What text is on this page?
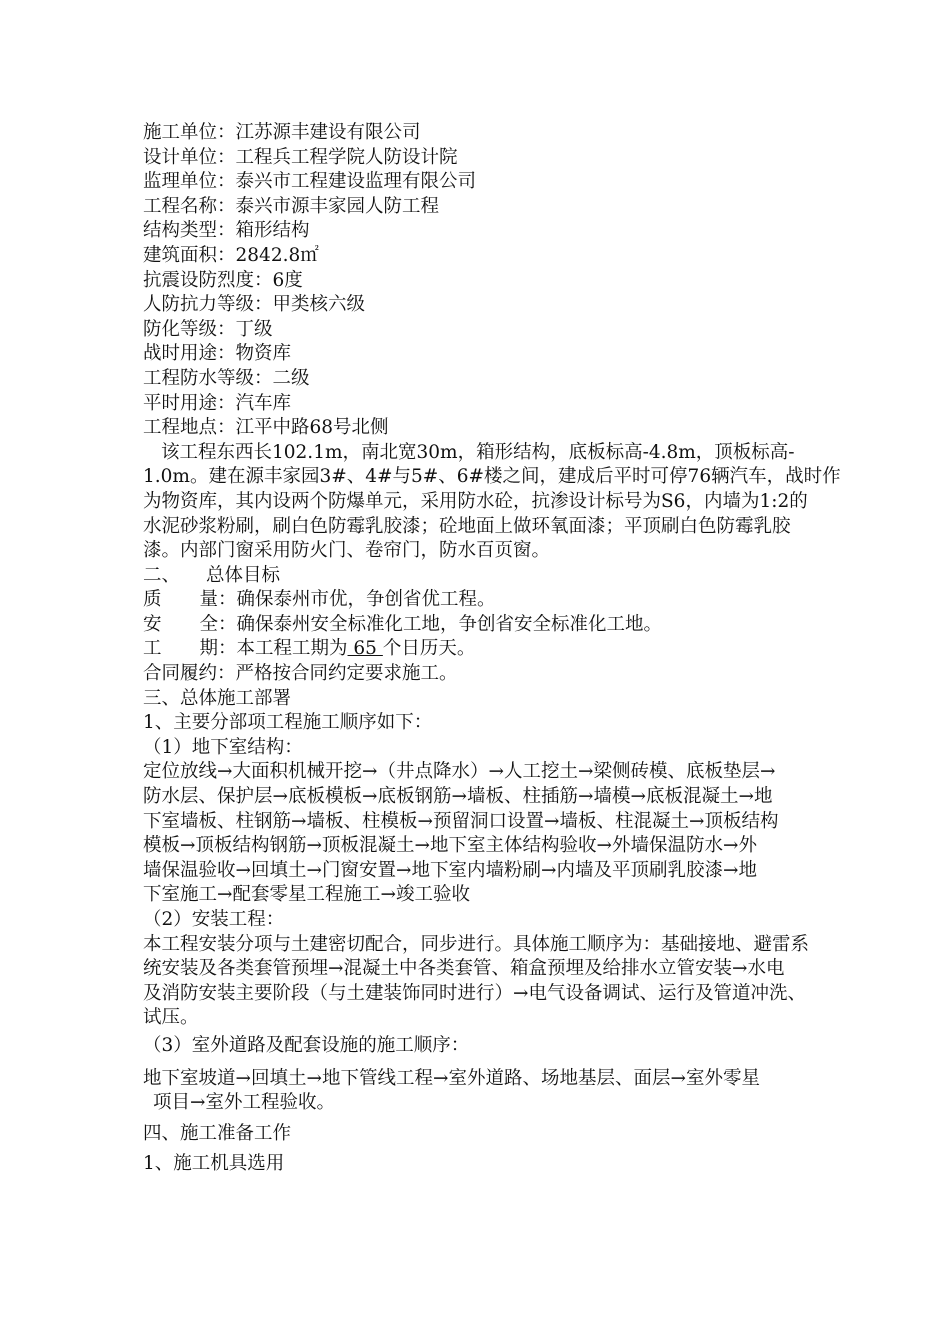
施工单位：江苏源丰建设有限公司
设计单位：工程兵工程学院人防设计院
监理单位：泰兴市工程建设监理有限公司
工程名称：泰兴市源丰家园人防工程
结构类型：箱形结构
建筑面积：2842.8㎡
抗震设防烈度：6度
人防抗力等级：甲类核六级
防化等级：丁级
战时用途：物资库
工程防水等级：二级
平时用途：汽车库
工程地点：江平中路68号北侧
该工程东西长102.1m，南北宽30m，箱形结构，底板标高-4.8m，顶板标高-
1.0m。建在源丰家园3#、4#与5#、6#楼之间，建成后平时可停76辆汽车，战时作
为物资库，其内设两个防爆单元，采用防水砼，抗渗设计标号为S6，内墙为1:2的
水泥砂浆粉刷，刷白色防霉乳胶漆；砼地面上做环氧面漆；平顶刷白色防霉乳胶
漆。内部门窗采用防火门、卷帘门，防水百页窗。
二、 总体目标
质 量：确保泰州市优，争创省优工程。
安 全：确保泰州安全标准化工地，争创省安全标准化工地。
工 期：本工程工期为 65 个日历天。
合同履约：严格按合同约定要求施工。
三、总体施工部署
1、主要分部项工程施工顺序如下：
（1）地下室结构：
定位放线→大面积机械开挖→（井点降水）→人工挖土→梁侧砖模、底板垫层→
防水层、保护层→底板模板→底板钢筋→墙板、柱插筋→墙模→底板混凝土→地
下室墙板、柱钢筋→墙板、柱模板→预留洞口设置→墙板、柱混凝土→顶板结构
模板→顶板结构钢筋→顶板混凝土→地下室主体结构验收→外墙保温防水→外
墙保温验收→回填土→门窗安置→地下室内墙粉刷→内墙及平顶刷乳胶漆→地
下室施工→配套零星工程施工→竣工验收
（2）安装工程：
本工程安装分项与土建密切配合，同步进行。具体施工顺序为：基础接地、避雷系
统安装及各类套管预埋→混凝土中各类套管、箱盒预埋及给排水立管安装→水电
及消防安装主要阶段（与土建装饰同时进行）→电气设备调试、运行及管道冲洗、
试压。
（3）室外道路及配套设施的施工顺序：
地下室坡道→回填土→地下管线工程→室外道路、场地基层、面层→室外零星
项目→室外工程验收。
四、施工准备工作
1、施工机具选用
